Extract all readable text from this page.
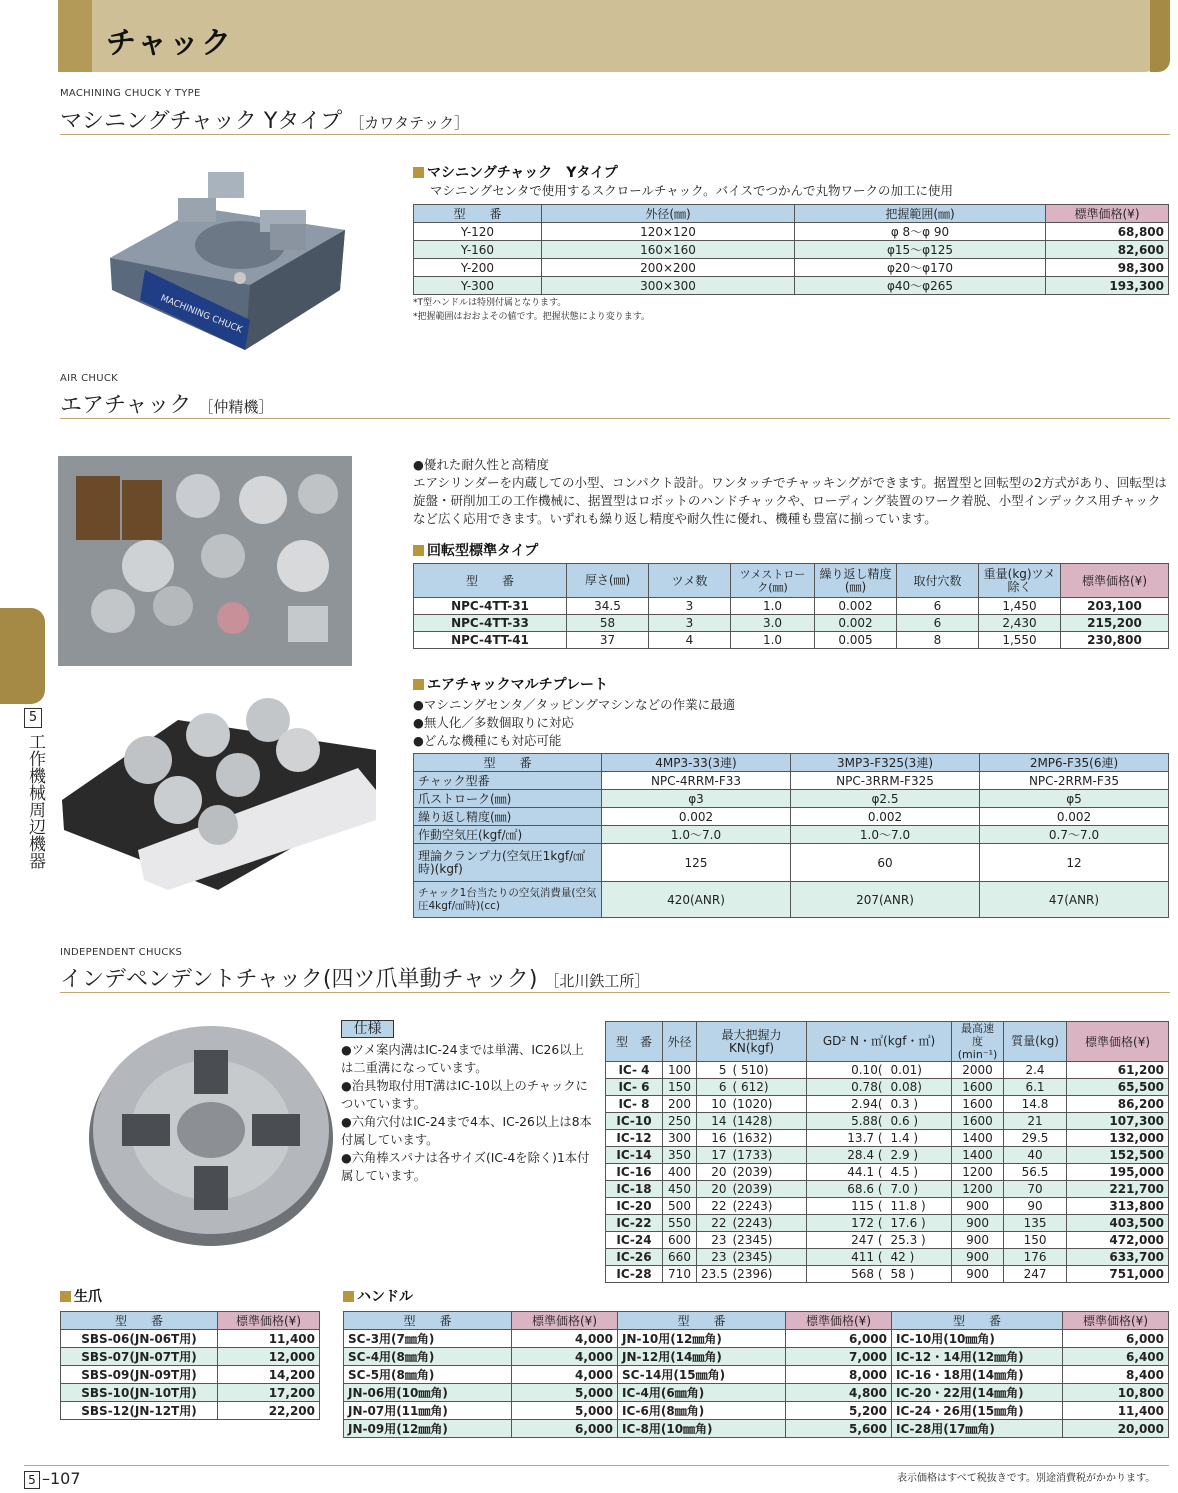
チャック
5
工作機械周辺機器
MACHINING CHUCK Y TYPE
マシニングチャック Yタイプ ［カワタテック］
MACHINING CHUCK
マシニングチャック　Yタイプ
マシニングセンタで使用するスクロールチャック。バイスでつかんで丸物ワークの加工に使用
型　　番	外径(㎜)	把握範囲(㎜)	標準価格(¥)
Y-120	120×120	φ 8～φ 90	68,800
Y-160	160×160	φ15～φ125	82,600
Y-200	200×200	φ20～φ170	98,300
Y-300	300×300	φ40～φ265	193,300
*T型ハンドルは特別付属となります。
*把握範囲はおおよその値です。把握状態により変ります。
AIR CHUCK
エアチャック ［仲精機］
●優れた耐久性と高精度
エアシリンダーを内蔵しての小型、コンパクト設計。ワンタッチでチャッキングができます。据置型と回転型の2方式があり、回転型は旋盤・研削加工の工作機械に、据置型はロボットのハンドチャックや、ローディング装置のワーク着脱、小型インデックス用チャックなど広く応用できます。いずれも繰り返し精度や耐久性に優れ、機種も豊富に揃っています。
回転型標準タイプ
型　　番	厚さ(㎜)	ツメ数	ツメストローク(㎜)	繰り返し精度(㎜)	取付穴数	重量(kg)ツメ除く	標準価格(¥)
NPC-4TT-31	34.5	3	1.0	0.002	6	1,450	203,100
NPC-4TT-33	58	3	3.0	0.002	6	2,430	215,200
NPC-4TT-41	37	4	1.0	0.005	8	1,550	230,800
エアチャックマルチプレート
●マシニングセンタ／タッピングマシンなどの作業に最適
●無人化／多数個取りに対応
●どんな機種にも対応可能
型　　番	4MP3-33(3連)	3MP3-F325(3連)	2MP6-F35(6連)
チャック型番	NPC-4RRM-F33	NPC-3RRM-F325	NPC-2RRM-F35
爪ストローク(㎜)	φ3	φ2.5	φ5
繰り返し精度(㎜)	0.002	0.002	0.002
作動空気圧(kgf/㎠)	1.0～7.0	1.0～7.0	0.7～7.0
理論クランプ力(空気圧1kgf/㎠時)(kgf)	125	60	12
チャック1台当たりの空気消費量(空気圧4kgf/㎠時)(cc)	420(ANR)	207(ANR)	47(ANR)
INDEPENDENT CHUCKS
インデペンデントチャック(四ツ爪単動チャック) ［北川鉄工所］
仕様
●ツメ案内溝はIC-24までは単溝、IC26以上は二重溝になっています。
●治具物取付用T溝はIC-10以上のチャックについています。
●六角穴付はIC-24まで4本、IC-26以上は8本付属しています。
●六角棒スパナは各サイズ(IC-4を除く)1本付属しています。
型　番	外径	最大把握力 KN(kgf)		GD² N・㎡(kgf・㎡)		最高速度(min⁻¹)	質量(kg)	標準価格(¥)
IC- 4	100	5	( 510)	0.10(	0.01)	2000	2.4	61,200
IC- 6	150	6	( 612)	0.78(	0.08)	1600	6.1	65,500
IC- 8	200	10	(1020)	2.94(	0.3 )	1600	14.8	86,200
IC-10	250	14	(1428)	5.88(	0.6 )	1600	21	107,300
IC-12	300	16	(1632)	13.7 (	1.4 )	1400	29.5	132,000
IC-14	350	17	(1733)	28.4 (	2.9 )	1400	40	152,500
IC-16	400	20	(2039)	44.1 (	4.5 )	1200	56.5	195,000
IC-18	450	20	(2039)	68.6 (	7.0 )	1200	70	221,700
IC-20	500	22	(2243)	115 (	11.8 )	900	90	313,800
IC-22	550	22	(2243)	172 (	17.6 )	900	135	403,500
IC-24	600	23	(2345)	247 (	25.3 )	900	150	472,000
IC-26	660	23	(2345)	411 (	42 )	900	176	633,700
IC-28	710	23.5	(2396)	568 (	58 )	900	247	751,000
生爪
型　　番	標準価格(¥)
SBS-06(JN-06T用)	11,400
SBS-07(JN-07T用)	12,000
SBS-09(JN-09T用)	14,200
SBS-10(JN-10T用)	17,200
SBS-12(JN-12T用)	22,200
ハンドル
型　　番	標準価格(¥)	型　　番	標準価格(¥)	型　　番	標準価格(¥)
SC-3用(7㎜角)	4,000	JN-10用(12㎜角)	6,000	IC-10用(10㎜角)	6,000
SC-4用(8㎜角)	4,000	JN-12用(14㎜角)	7,000	IC-12・14用(12㎜角)	6,400
SC-5用(8㎜角)	4,000	SC-14用(15㎜角)	8,000	IC-16・18用(14㎜角)	8,400
JN-06用(10㎜角)	5,000	IC-4用(6㎜角)	4,800	IC-20・22用(14㎜角)	10,800
JN-07用(11㎜角)	5,000	IC-6用(8㎜角)	5,200	IC-24・26用(15㎜角)	11,400
JN-09用(12㎜角)	6,000	IC-8用(10㎜角)	5,600	IC-28用(17㎜角)	20,000
5 –107	表示価格はすべて税抜きです。別途消費税がかかります。
